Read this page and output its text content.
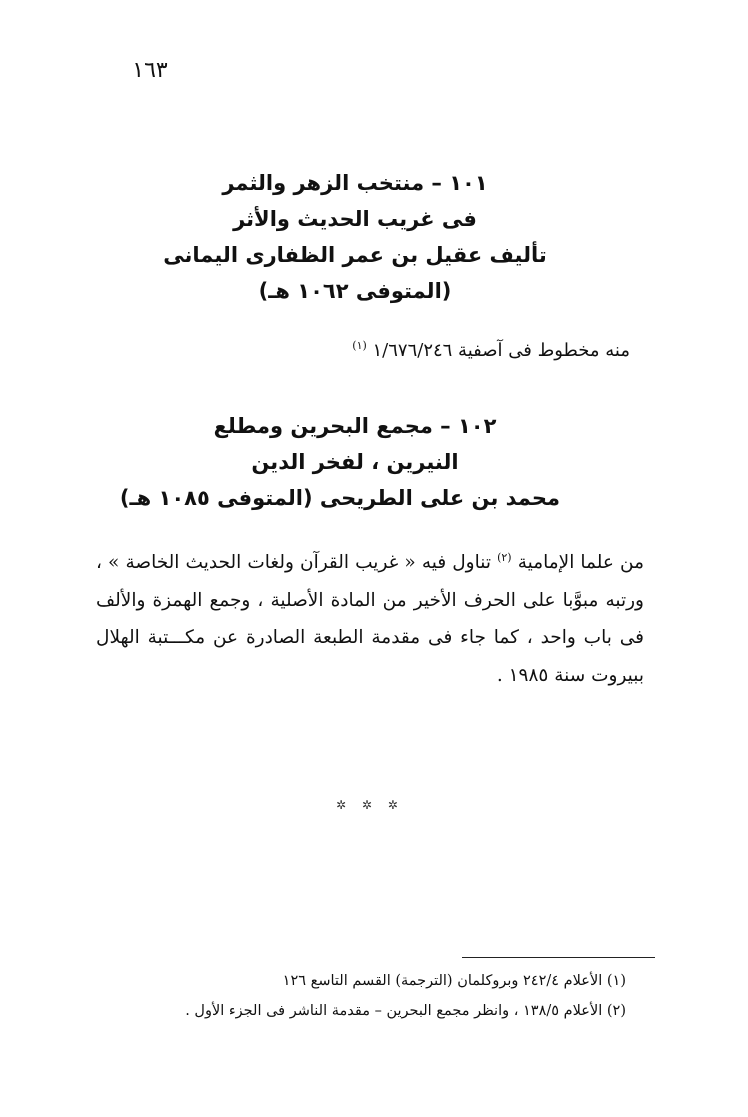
١٦٣
١٠١ – منتخب الزهر والثمر
فى غريب الحديث والأثر
تأليف عقيل بن عمر الظفارى اليمانى
(المتوفى ١٠٦٢ هـ)
منه مخطوط فى آصفية ١/٦٧٦/٢٤٦ $^{(١)}$
١٠٢ – مجمع البحرين ومطلع
النيرين ، لفخر الدين
محمد بن على الطريحى (المتوفى ١٠٨٥ هـ)
من علما الإمامية $^{(٢)}$ تناول فيه « غريب القرآن ولغات الحديث الخاصة » ، ورتبه مبوَّبا على الحرف الأخير من المادة الأصلية ، وجمع الهمزة والألف فى باب واحد ، كما جاء فى مقدمة الطبعة الصادرة عن مكـــتبة الهلال ببيروت سنة ١٩٨٥ .
✲ ✲ ✲
(١) الأعلام ٢٤٢/٤ وبروكلمان (الترجمة) القسم التاسع ١٢٦
(٢) الأعلام ١٣٨/٥ ، وانظر مجمع البحرين – مقدمة الناشر فى الجزء الأول .
